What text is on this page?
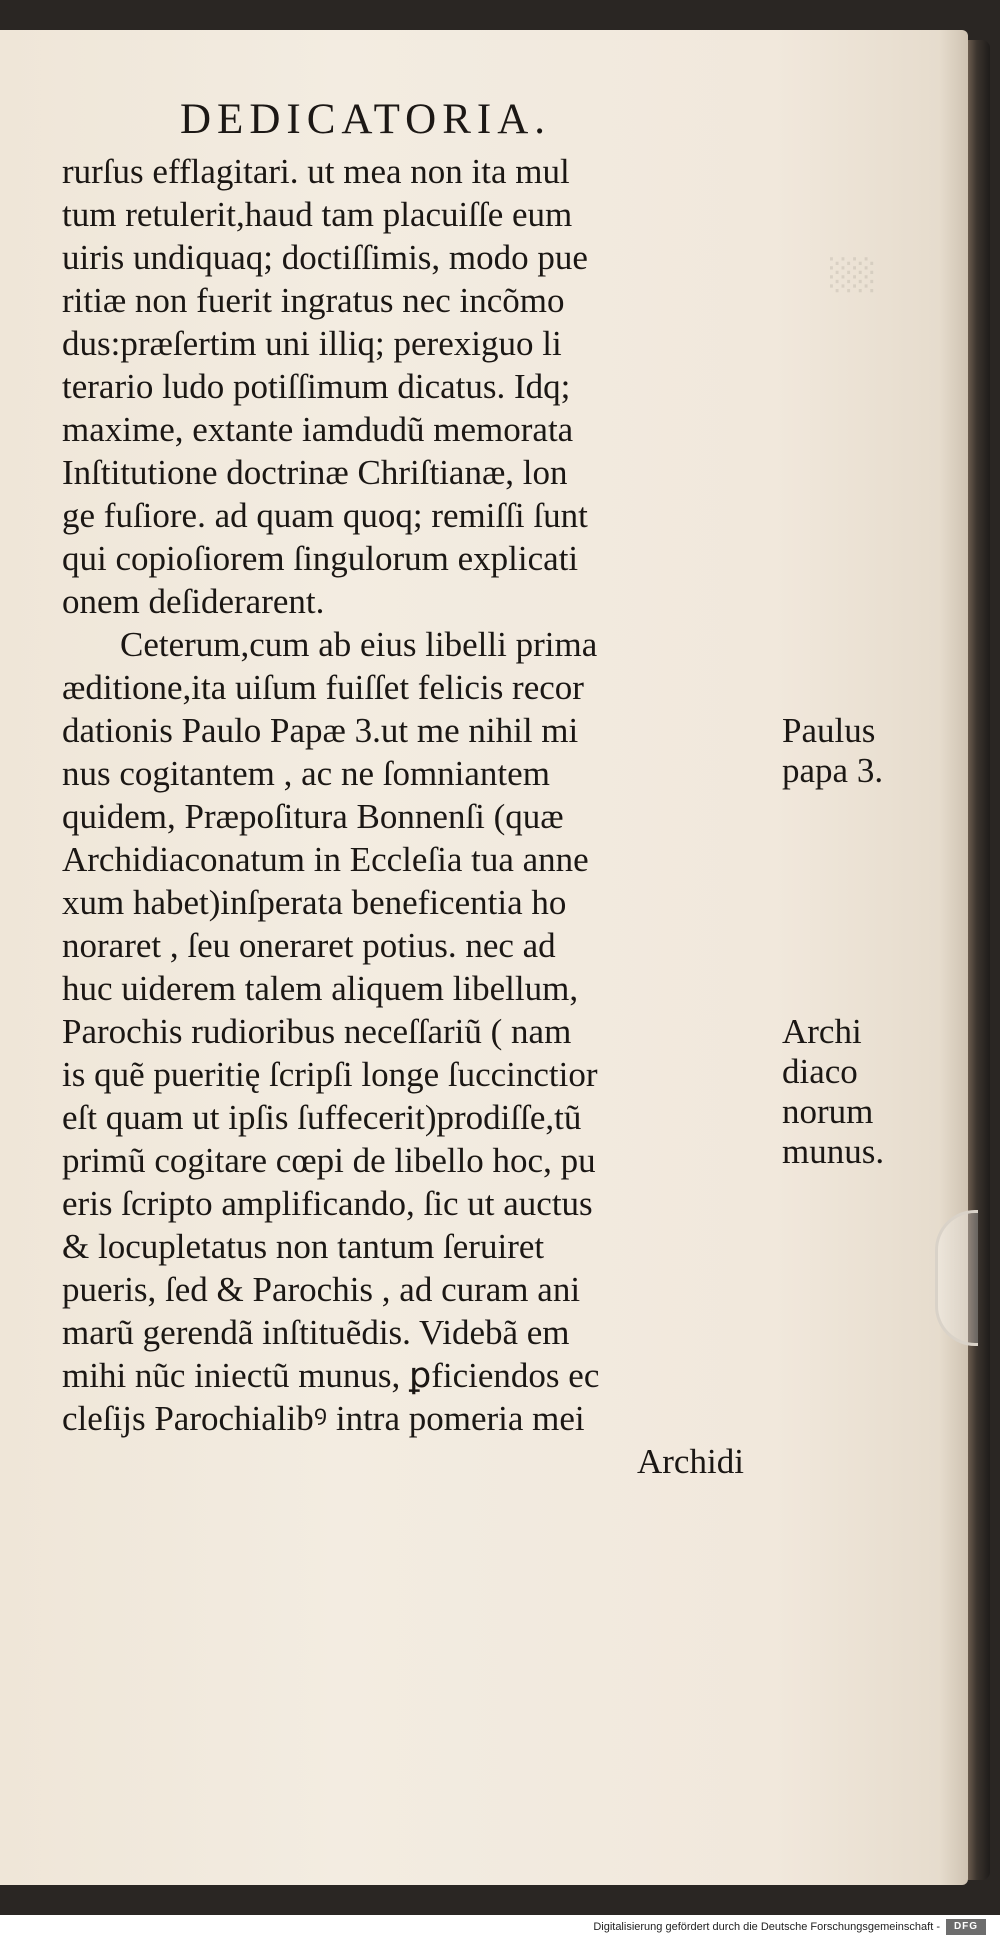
░░
DEDICATORIA.
rurſus efflagitari. ut mea non ita mul
tum retulerit,haud tam placuiſſe eum
uiris undiquaq; doctiſſimis, modo pue
ritiæ non fuerit ingratus nec incõmo
dus:præſertim uni illiq; perexiguo li
terario ludo potiſſimum dicatus. Idq;
maxime, extante iamdudũ memorata
Inſtitutione doctrinæ Chriſtianæ, lon
ge fuſiore. ad quam quoq; remiſſi ſunt
qui copioſiorem ſingulorum explicati
onem deſiderarent.
Ceterum,cum ab eius libelli prima
æditione,ita uiſum fuiſſet felicis recor
dationis Paulo Papæ 3.ut me nihil mi
nus cogitantem , ac ne ſomniantem
quidem, Præpoſitura Bonnenſi (quæ
Archidiaconatum in Eccleſia tua anne
xum habet)inſperata beneficentia ho
noraret , ſeu oneraret potius. nec ad
huc uiderem talem aliquem libellum,
Parochis rudioribus neceſſariũ ( nam
is quẽ pueritię ſcripſi longe ſuccinctior
eſt quam ut ipſis ſuffecerit)prodiſſe,tũ
primũ cogitare cœpi de libello hoc, pu
eris ſcripto amplificando, ſic ut auctus
& locupletatus non tantum ſeruiret
pueris, ſed & Parochis , ad curam ani
marũ gerendã inſtituẽdis. Videbã em
mihi nũc iniectũ munus, ꝑficiendos ec
cleſijs Parochialibꝰ intra pomeria mei
Archidi
Paulus
papa 3.
Archi
diaco
norum
munus.
Digitalisierung gefördert durch die Deutsche Forschungsgemeinschaft -	DFG
